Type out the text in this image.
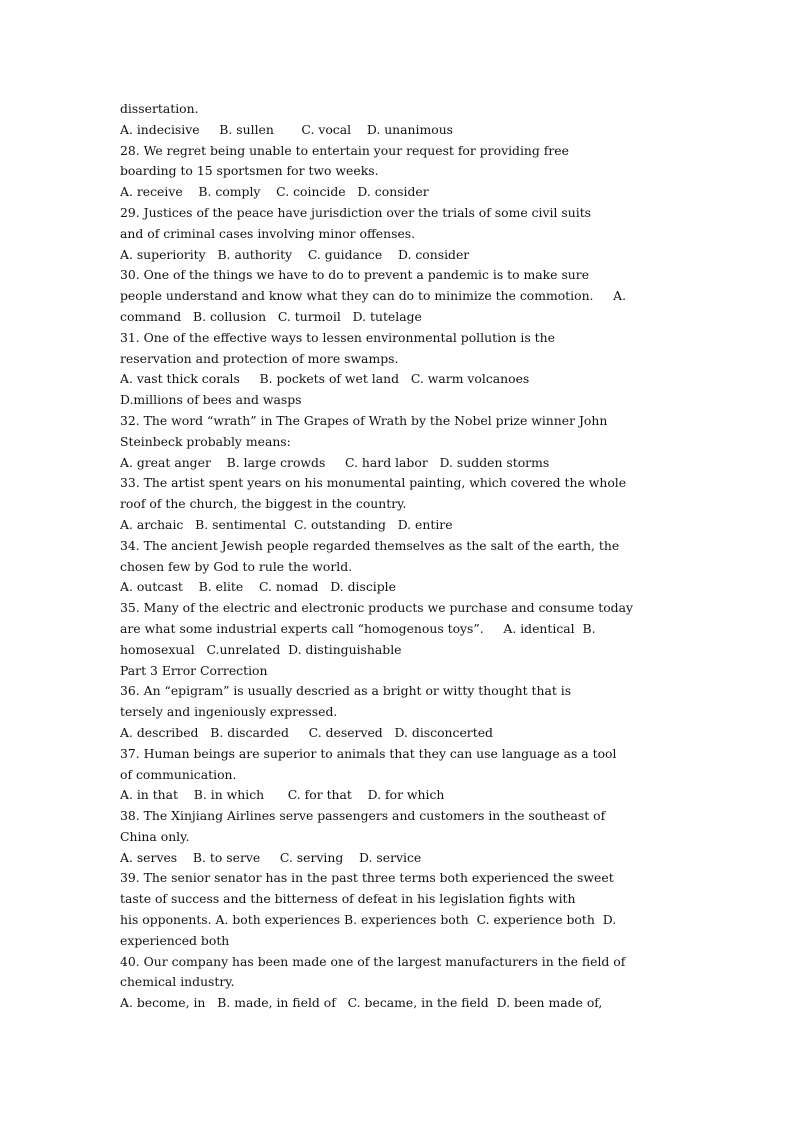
dissertation.
A. indecisive     B. sullen       C. vocal    D. unanimous
28. We regret being unable to entertain your request for providing free
boarding to 15 sportsmen for two weeks.
A. receive    B. comply    C. coincide   D. consider
29. Justices of the peace have jurisdiction over the trials of some civil suits
and of criminal cases involving minor offenses.
A. superiority   B. authority    C. guidance    D. consider
30. One of the things we have to do to prevent a pandemic is to make sure
people understand and know what they can do to minimize the commotion.     A.
command   B. collusion   C. turmoil   D. tutelage
31. One of the effective ways to lessen environmental pollution is the
reservation and protection of more swamps.
A. vast thick corals     B. pockets of wet land   C. warm volcanoes
D.millions of bees and wasps
32. The word “wrath” in The Grapes of Wrath by the Nobel prize winner John
Steinbeck probably means:
A. great anger    B. large crowds     C. hard labor   D. sudden storms
33. The artist spent years on his monumental painting, which covered the whole
roof of the church, the biggest in the country.
A. archaic   B. sentimental  C. outstanding   D. entire
34. The ancient Jewish people regarded themselves as the salt of the earth, the
chosen few by God to rule the world.
A. outcast    B. elite    C. nomad   D. disciple
35. Many of the electric and electronic products we purchase and consume today
are what some industrial experts call “homogenous toys”.     A. identical  B.
homosexual   C.unrelated  D. distinguishable
Part 3 Error Correction
36. An “epigram” is usually descried as a bright or witty thought that is
tersely and ingeniously expressed.
A. described   B. discarded     C. deserved   D. disconcerted
37. Human beings are superior to animals that they can use language as a tool
of communication.
A. in that    B. in which      C. for that    D. for which
38. The Xinjiang Airlines serve passengers and customers in the southeast of
China only.
A. serves    B. to serve     C. serving    D. service
39. The senior senator has in the past three terms both experienced the sweet
taste of success and the bitterness of defeat in his legislation fights with
his opponents. A. both experiences B. experiences both  C. experience both  D.
experienced both
40. Our company has been made one of the largest manufacturers in the field of
chemical industry.
A. become, in   B. made, in field of   C. became, in the field  D. been made of,
